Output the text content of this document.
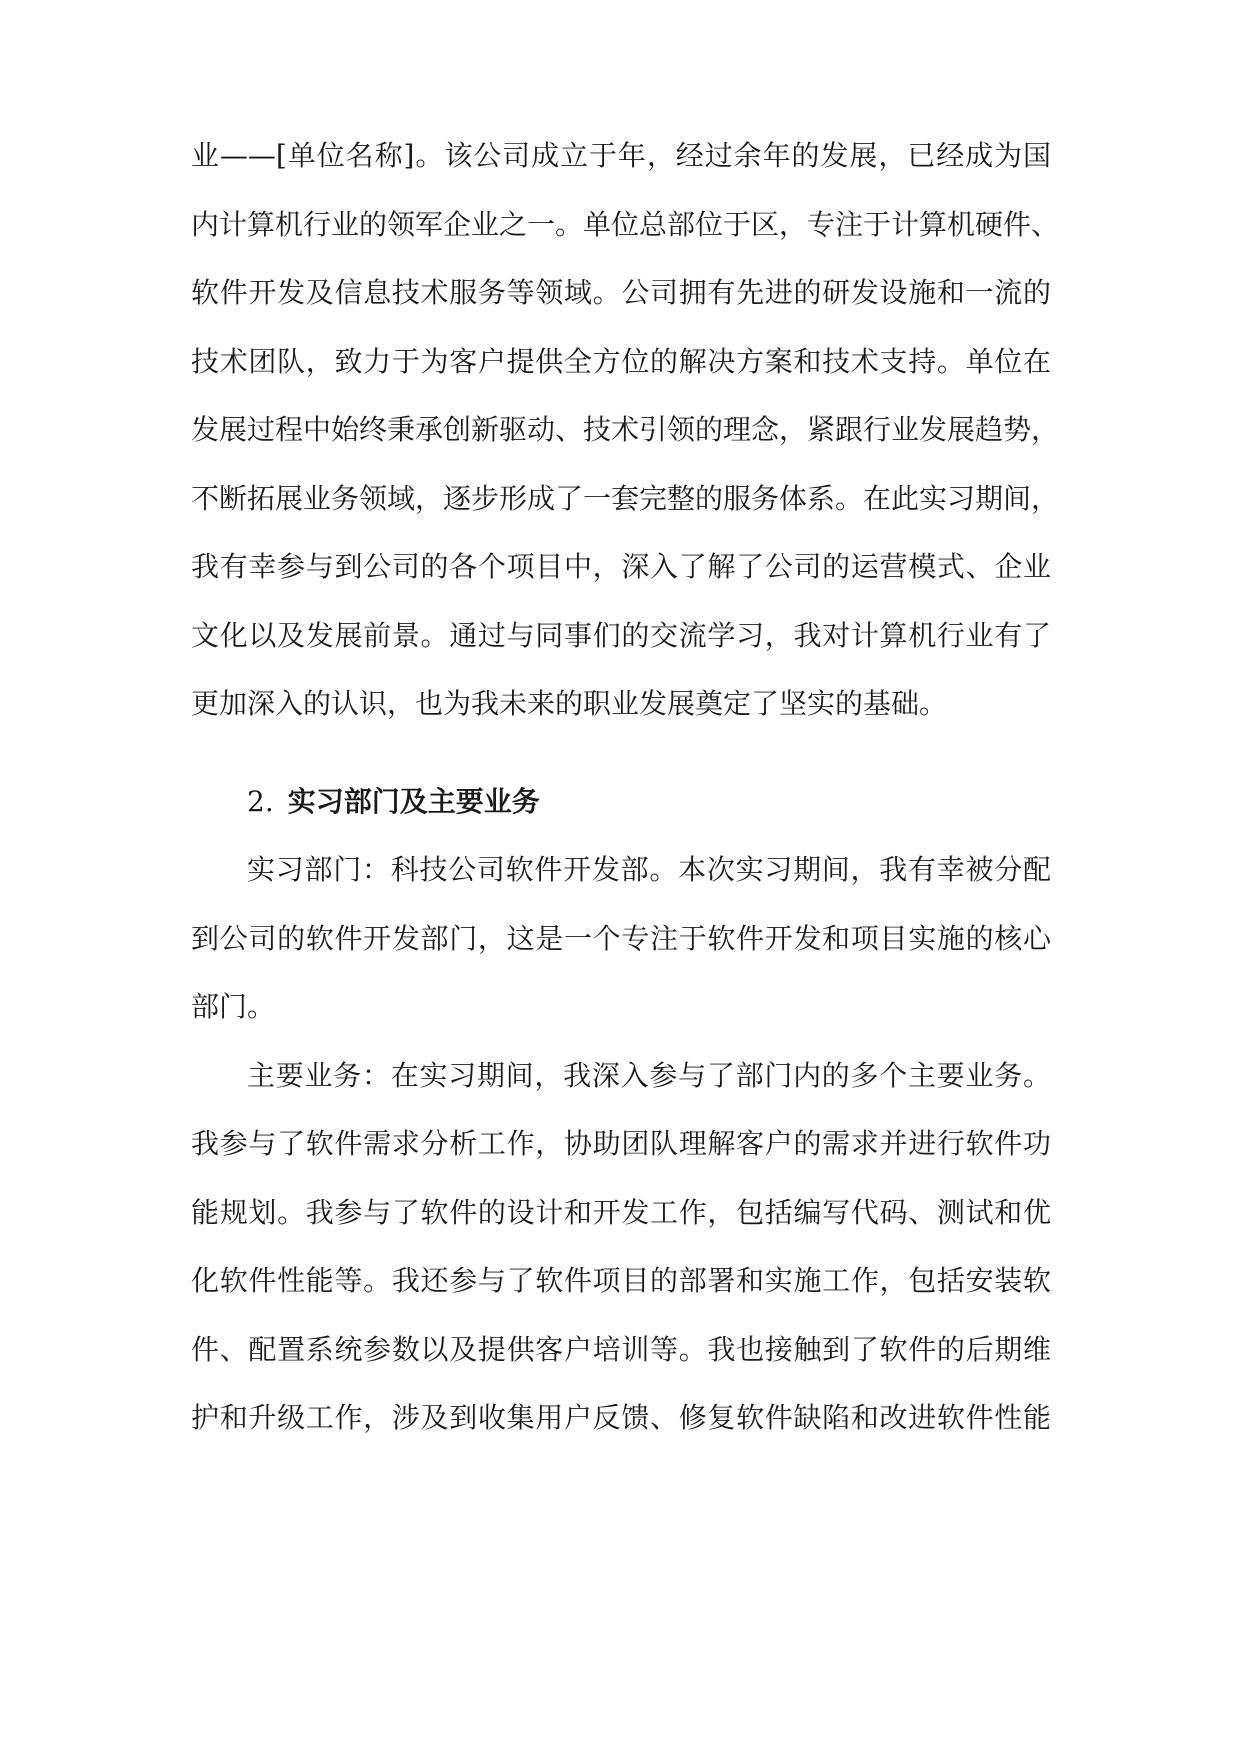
业——[单位名称]。该公司成立于年，经过余年的发展，已经成为国
内计算机行业的领军企业之一。单位总部位于区，专注于计算机硬件、
软件开发及信息技术服务等领域。公司拥有先进的研发设施和一流的
技术团队，致力于为客户提供全方位的解决方案和技术支持。单位在
发展过程中始终秉承创新驱动、技术引领的理念，紧跟行业发展趋势，
不断拓展业务领域，逐步形成了一套完整的服务体系。在此实习期间，
我有幸参与到公司的各个项目中，深入了解了公司的运营模式、企业
文化以及发展前景。通过与同事们的交流学习，我对计算机行业有了
更加深入的认识，也为我未来的职业发展奠定了坚实的基础。
2. 实习部门及主要业务
实习部门：科技公司软件开发部。本次实习期间，我有幸被分配
到公司的软件开发部门，这是一个专注于软件开发和项目实施的核心
部门。
主要业务：在实习期间，我深入参与了部门内的多个主要业务。
我参与了软件需求分析工作，协助团队理解客户的需求并进行软件功
能规划。我参与了软件的设计和开发工作，包括编写代码、测试和优
化软件性能等。我还参与了软件项目的部署和实施工作，包括安装软
件、配置系统参数以及提供客户培训等。我也接触到了软件的后期维
护和升级工作，涉及到收集用户反馈、修复软件缺陷和改进软件性能
